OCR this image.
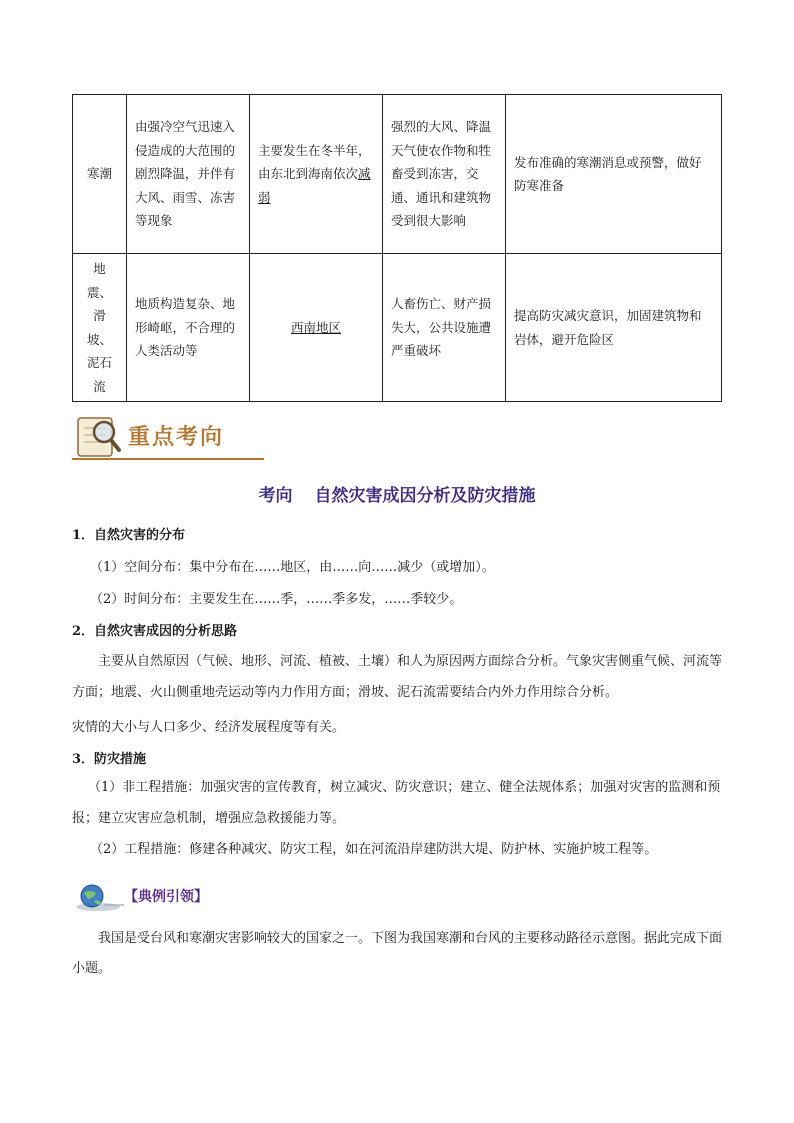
寒潮	由强冷空气迅速入侵造成的大范围的剧烈降温，并伴有大风、雨雪、冻害等现象	主要发生在冬半年，由东北到海南依次减弱	强烈的大风、降温天气使农作物和牲畜受到冻害，交通、通讯和建筑物受到很大影响	发布准确的寒潮消息或预警，做好防寒准备
地震、滑坡、泥石流	地质构造复杂、地形崎岖，不合理的人类活动等	西南地区	人畜伤亡、财产损失大，公共设施遭严重破坏	提高防灾减灾意识，加固建筑物和岩体，避开危险区
重点考向
考向 自然灾害成因分析及防灾措施
1．自然灾害的分布
（1）空间分布：集中分布在……地区，由……向……减少（或增加）。
（2）时间分布：主要发生在……季，……季多发，……季较少。
2．自然灾害成因的分析思路
主要从自然原因（气候、地形、河流、植被、土壤）和人为原因两方面综合分析。气象灾害侧重气候、河流等方面；地震、火山侧重地壳运动等内力作用方面；滑坡、泥石流需要结合内外力作用综合分析。
灾情的大小与人口多少、经济发展程度等有关。
3．防灾措施
（1）非工程措施：加强灾害的宣传教育，树立减灾、防灾意识；建立、健全法规体系；加强对灾害的监测和预报；建立灾害应急机制，增强应急救援能力等。
（2）工程措施：修建各种减灾、防灾工程，如在河流沿岸建防洪大堤、防护林、实施护坡工程等。
【典例引领】
我国是受台风和寒潮灾害影响较大的国家之一。下图为我国寒潮和台风的主要移动路径示意图。据此完成下面小题。
